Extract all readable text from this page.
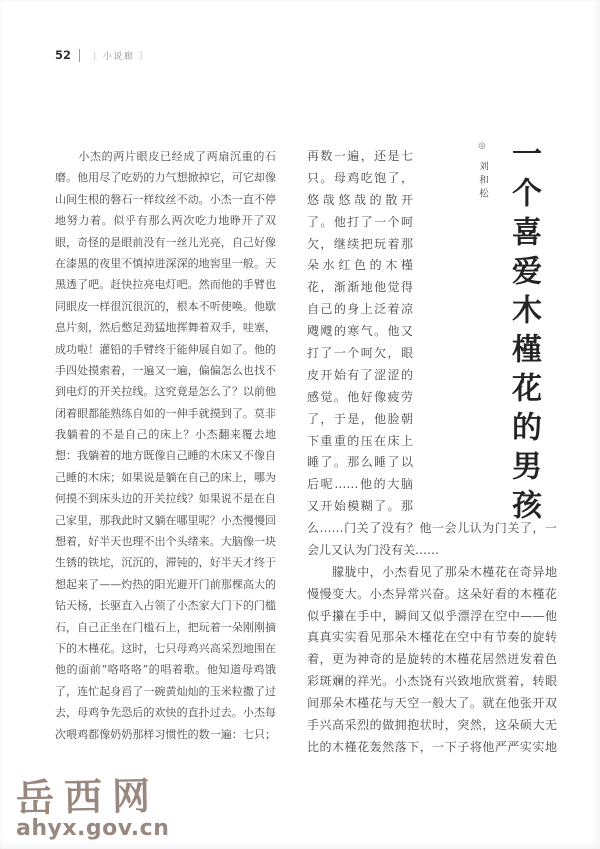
52 〔 小说廊 〕
　　小杰的两片眼皮已经成了两扇沉重的石
磨。他用尽了吃奶的力气想掀掉它，可它却像
山间生根的磐石一样纹丝不动。小杰一直不停
地努力着。似乎有那么两次吃力地睁开了双
眼，奇怪的是眼前没有一丝儿光亮，自己好像
在漆黑的夜里不慎掉进深深的地窖里一般。天
黑透了吧。赶快拉亮电灯吧。然而他的手臂也
同眼皮一样很沉很沉的，根本不听使唤。他歇
息片刻，然后憋足劲猛地挥舞着双手，哇塞，
成功啦！灌铅的手臂终于能伸展自如了。他的
手四处摸索着，一遍又一遍，偏偏怎么也找不
到电灯的开关拉线。这究竟是怎么了？以前他
闭着眼都能熟练自如的一伸手就摸到了。莫非
我躺着的不是自己的床上？小杰翻来覆去地
想：我躺着的地方既像自己睡的木床又不像自
己睡的木床；如果说是躺在自己的床上，哪为
何摸不到床头边的开关拉线？如果说不是在自
己家里，那我此时又躺在哪里呢？小杰慢慢回
想着，好半天也理不出个头绪来。大脑像一块
生锈的铁坨，沉沉的，滞钝的，好半天才终于
想起来了——灼热的阳光避开门前那棵高大的
钻天杨，长驱直入占领了小杰家大门下的门槛
石，自己正坐在门槛石上，把玩着一朵刚刚摘
下的木槿花。这时，七只母鸡兴高采烈地围在
他的面前“咯咯咯”的唱着歌。他知道母鸡饿
了，连忙起身舀了一碗黄灿灿的玉米粒撒了过
去，母鸡争先恐后的欢快的直扑过去。小杰每
次喂鸡都像奶奶那样习惯性的数一遍：七只；
再数一遍，还是七
只。母鸡吃饱了，
悠哉悠哉的散开
了。他打了一个呵
欠，继续把玩着那
朵水红色的木槿
花，渐渐地他觉得
自己的身上泛着凉
飕飕的寒气。他又
打了一个呵欠，眼
皮开始有了涩涩的
感觉。他好像疲劳
了，于是，他脸朝
下重重的压在床上
睡了。那么睡了以
后呢……他的大脑
又开始模糊了。那
么……门关了没有？他一会儿认为门关了，一
会儿又认为门没有关……
　　朦胧中，小杰看见了那朵木槿花在奇异地
慢慢变大。小杰异常兴奋。这朵好看的木槿花
似乎攥在手中，瞬间又似乎漂浮在空中——他
真真实实看见那朵木槿花在空中有节奏的旋转
着，更为神奇的是旋转的木槿花居然迸发着色
彩斑斓的祥光。小杰饶有兴致地欣赏着，转眼
间那朵木槿花与天空一般大了。就在他张开双
手兴高采烈的做拥抱状时，突然，这朵硕大无
比的木槿花轰然落下，一下子将他严严实实地
◎刘和松 一个喜爱木槿花的男孩
岳西网
ahyx.gov.cn
